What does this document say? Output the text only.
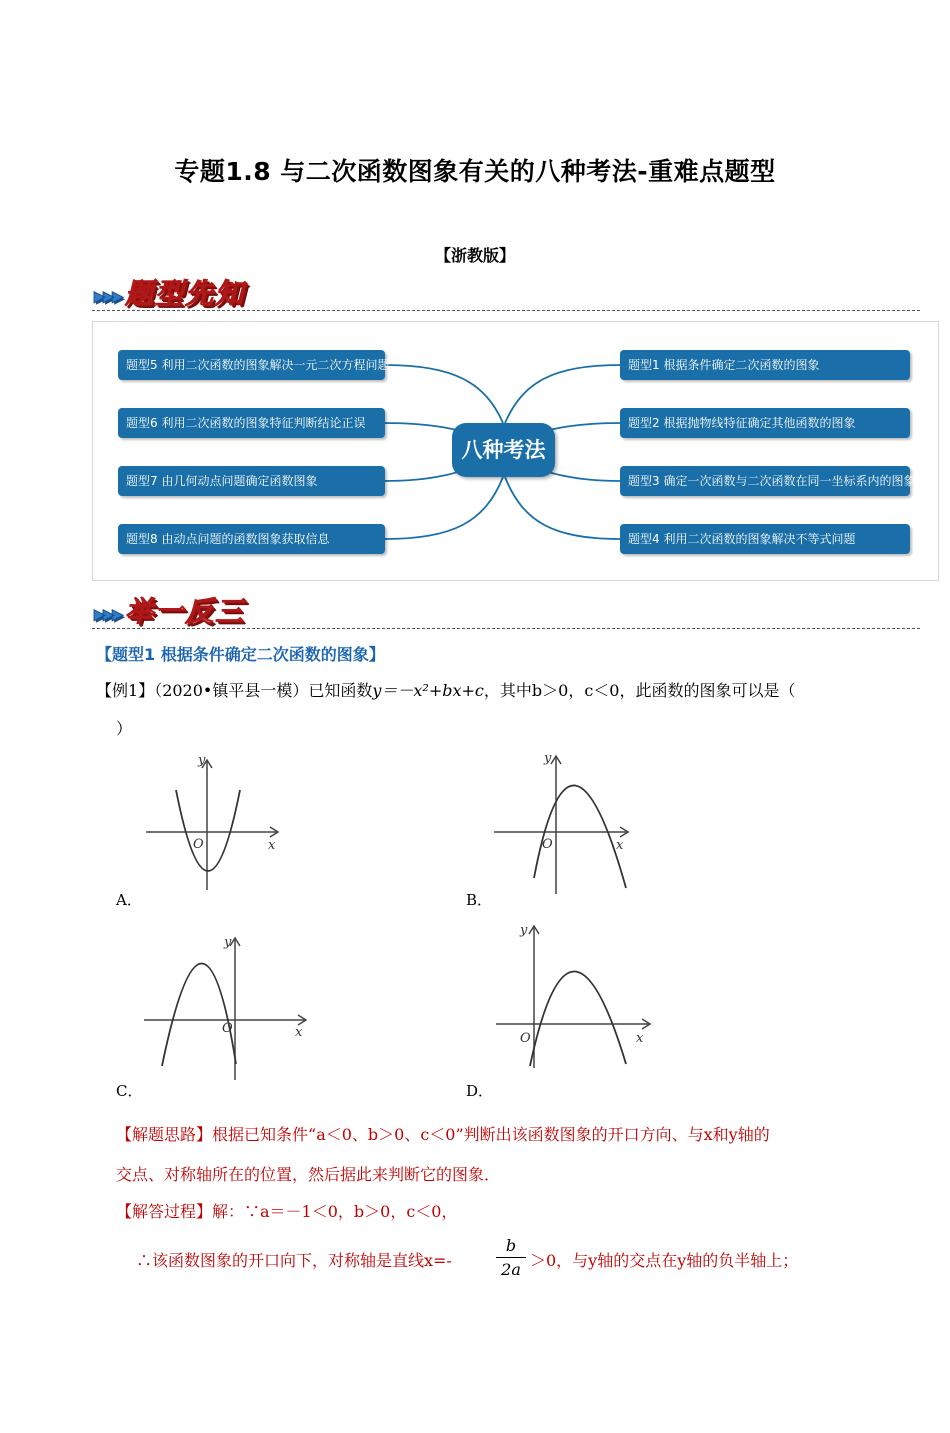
专题1.8 与二次函数图象有关的八种考法-重难点题型
【浙教版】
▸▸▸ 题型先知
题型5 利用二次函数的图象解决一元二次方程问题
题型6 利用二次函数的图象特征判断结论正误
题型7 由几何动点问题确定函数图象
题型8 由动点问题的函数图象获取信息
题型1 根据条件确定二次函数的图象
题型2 根据抛物线特征确定其他函数的图象
题型3 确定一次函数与二次函数在同一坐标系内的图象
题型4 利用二次函数的图象解决不等式问题
八种考法
▸▸▸ 举一反三
【题型1 根据条件确定二次函数的图象】
【例1】（2020•镇平县一模）已知函数y＝－x²+bx+c，其中b＞0，c＜0，此函数的图象可以是（
）
y
x
O
A．
y
x
O
B．
y
x
O
C．
y
x
O
D．
【解题思路】根据已知条件“a＜0、b＞0、c＜0”判断出该函数图象的开口方向、与x和y轴的
交点、对称轴所在的位置，然后据此来判断它的图象．
【解答过程】解：∵a＝－1＜0，b＞0，c＜0，
∴该函数图象的开口向下，对称轴是直线x=-
b
2a ＞0，与y轴的交点在y轴的负半轴上；
